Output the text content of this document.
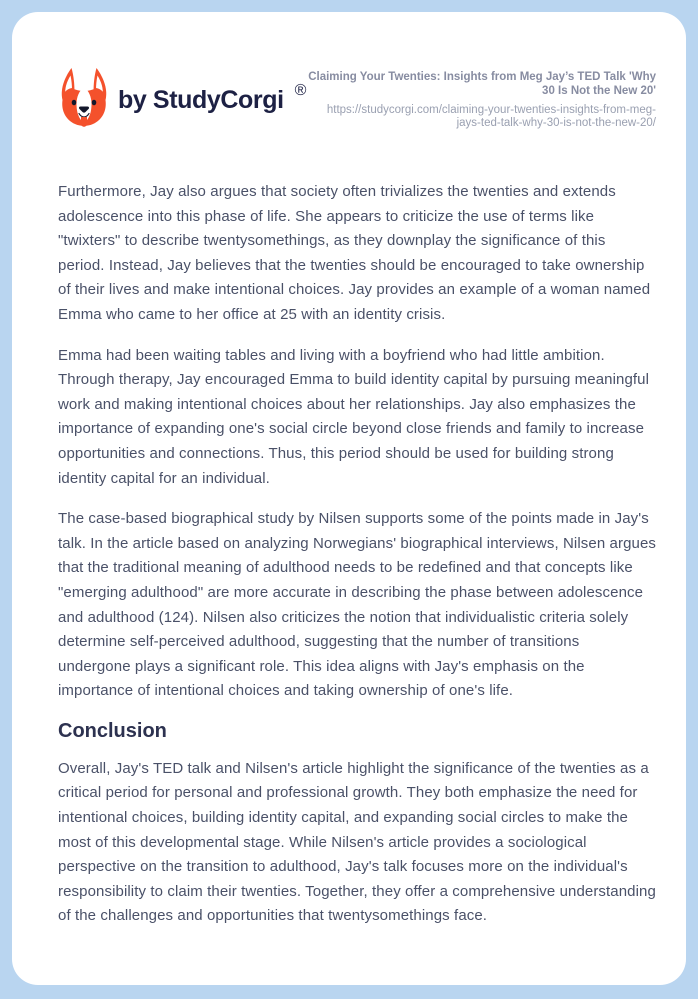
by StudyCorgi ®
Claiming Your Twenties: Insights from Meg Jay’s TED Talk 'Why 30 Is Not the New 20'
https://studycorgi.com/claiming-your-twenties-insights-from-meg-jays-ted-talk-why-30-is-not-the-new-20/

Furthermore, Jay also argues that society often trivializes the twenties and extends adolescence into this phase of life. She appears to criticize the use of terms like "twixters" to describe twentysomethings, as they downplay the significance of this period. Instead, Jay believes that the twenties should be encouraged to take ownership of their lives and make intentional choices. Jay provides an example of a woman named Emma who came to her office at 25 with an identity crisis.

Emma had been waiting tables and living with a boyfriend who had little ambition. Through therapy, Jay encouraged Emma to build identity capital by pursuing meaningful work and making intentional choices about her relationships. Jay also emphasizes the importance of expanding one's social circle beyond close friends and family to increase opportunities and connections. Thus, this period should be used for building strong identity capital for an individual.

The case-based biographical study by Nilsen supports some of the points made in Jay's talk. In the article based on analyzing Norwegians' biographical interviews, Nilsen argues that the traditional meaning of adulthood needs to be redefined and that concepts like "emerging adulthood" are more accurate in describing the phase between adolescence and adulthood (124). Nilsen also criticizes the notion that individualistic criteria solely determine self-perceived adulthood, suggesting that the number of transitions undergone plays a significant role. This idea aligns with Jay's emphasis on the importance of intentional choices and taking ownership of one's life.

Conclusion

Overall, Jay's TED talk and Nilsen's article highlight the significance of the twenties as a critical period for personal and professional growth. They both emphasize the need for intentional choices, building identity capital, and expanding social circles to make the most of this developmental stage. While Nilsen's article provides a sociological perspective on the transition to adulthood, Jay's talk focuses more on the individual's responsibility to claim their twenties. Together, they offer a comprehensive understanding of the challenges and opportunities that twentysomethings face.
